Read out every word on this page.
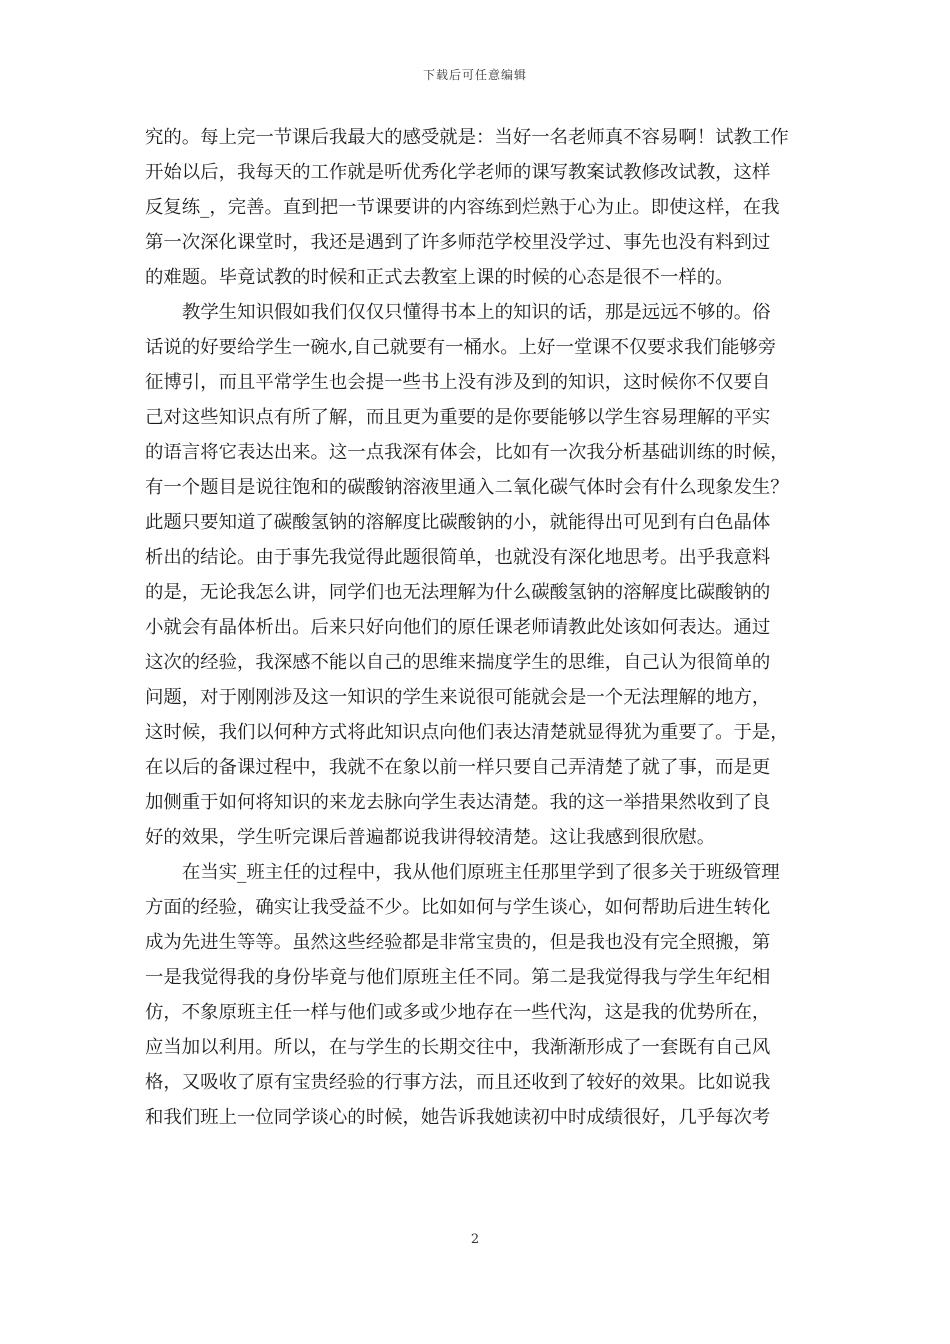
下载后可任意编辑
究的。每上完一节课后我最大的感受就是：当好一名老师真不容易啊！试教工作
开始以后，我每天的工作就是听优秀化学老师的课写教案试教修改试教，这样
反复练_，完善。直到把一节课要讲的内容练到烂熟于心为止。即使这样，在我
第一次深化课堂时，我还是遇到了许多师范学校里没学过、事先也没有料到过
的难题。毕竟试教的时候和正式去教室上课的时候的心态是很不一样的。
教学生知识假如我们仅仅只懂得书本上的知识的话，那是远远不够的。俗
话说的好要给学生一碗水,自己就要有一桶水。上好一堂课不仅要求我们能够旁
征博引，而且平常学生也会提一些书上没有涉及到的知识，这时候你不仅要自
己对这些知识点有所了解，而且更为重要的是你要能够以学生容易理解的平实
的语言将它表达出来。这一点我深有体会，比如有一次我分析基础训练的时候，
有一个题目是说往饱和的碳酸钠溶液里通入二氧化碳气体时会有什么现象发生？
此题只要知道了碳酸氢钠的溶解度比碳酸钠的小，就能得出可见到有白色晶体
析出的结论。由于事先我觉得此题很简单，也就没有深化地思考。出乎我意料
的是，无论我怎么讲，同学们也无法理解为什么碳酸氢钠的溶解度比碳酸钠的
小就会有晶体析出。后来只好向他们的原任课老师请教此处该如何表达。通过
这次的经验，我深感不能以自己的思维来揣度学生的思维，自己认为很简单的
问题，对于刚刚涉及这一知识的学生来说很可能就会是一个无法理解的地方，
这时候，我们以何种方式将此知识点向他们表达清楚就显得犹为重要了。于是，
在以后的备课过程中，我就不在象以前一样只要自己弄清楚了就了事，而是更
加侧重于如何将知识的来龙去脉向学生表达清楚。我的这一举措果然收到了良
好的效果，学生听完课后普遍都说我讲得较清楚。这让我感到很欣慰。
在当实_班主任的过程中，我从他们原班主任那里学到了很多关于班级管理
方面的经验，确实让我受益不少。比如如何与学生谈心，如何帮助后进生转化
成为先进生等等。虽然这些经验都是非常宝贵的，但是我也没有完全照搬，第
一是我觉得我的身份毕竟与他们原班主任不同。第二是我觉得我与学生年纪相
仿，不象原班主任一样与他们或多或少地存在一些代沟，这是我的优势所在，
应当加以利用。所以，在与学生的长期交往中，我渐渐形成了一套既有自己风
格，又吸收了原有宝贵经验的行事方法，而且还收到了较好的效果。比如说我
和我们班上一位同学谈心的时候，她告诉我她读初中时成绩很好，几乎每次考
2
